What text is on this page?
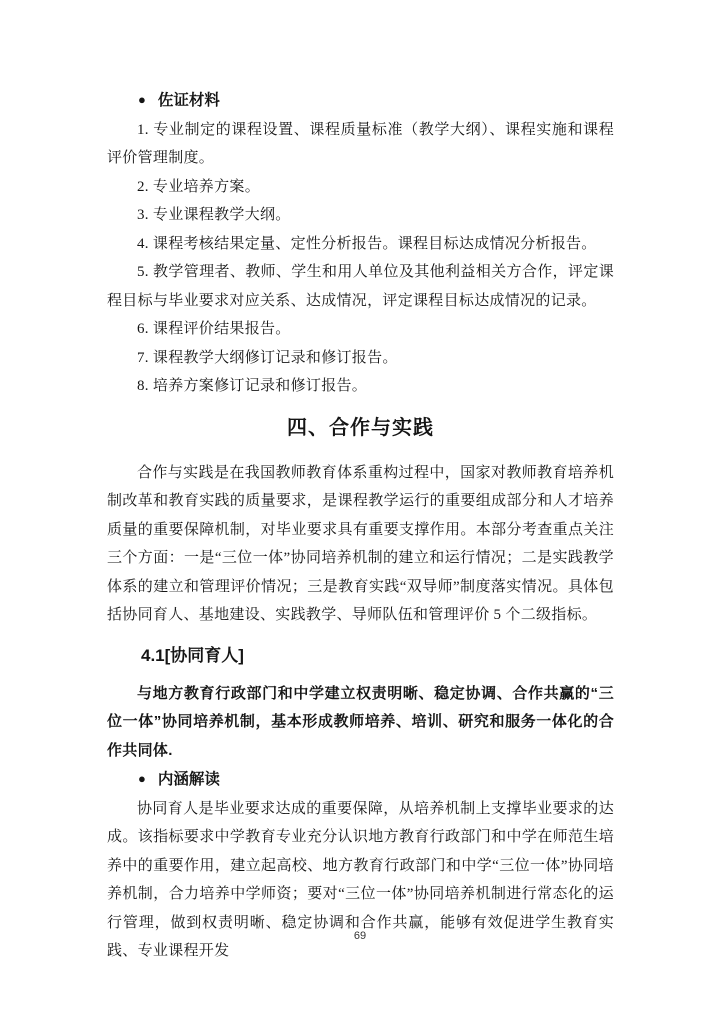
● 佐证材料

1. 专业制定的课程设置、课程质量标准（教学大纲）、课程实施和课程评价管理制度。

2. 专业培养方案。

3. 专业课程教学大纲。

4. 课程考核结果定量、定性分析报告。课程目标达成情况分析报告。

5. 教学管理者、教师、学生和用人单位及其他利益相关方合作，评定课程目标与毕业要求对应关系、达成情况，评定课程目标达成情况的记录。

6. 课程评价结果报告。

7. 课程教学大纲修订记录和修订报告。

8. 培养方案修订记录和修订报告。

四、合作与实践

合作与实践是在我国教师教育体系重构过程中，国家对教师教育培养机制改革和教育实践的质量要求，是课程教学运行的重要组成部分和人才培养质量的重要保障机制，对毕业要求具有重要支撑作用。本部分考查重点关注三个方面：一是“三位一体”协同培养机制的建立和运行情况；二是实践教学体系的建立和管理评价情况；三是教育实践“双导师”制度落实情况。具体包括协同育人、基地建设、实践教学、导师队伍和管理评价 5 个二级指标。

4.1[协同育人]

与地方教育行政部门和中学建立权责明晰、稳定协调、合作共赢的“三位一体”协同培养机制，基本形成教师培养、培训、研究和服务一体化的合作共同体.

● 内涵解读

协同育人是毕业要求达成的重要保障，从培养机制上支撑毕业要求的达成。该指标要求中学教育专业充分认识地方教育行政部门和中学在师范生培养中的重要作用，建立起高校、地方教育行政部门和中学“三位一体”协同培养机制，合力培养中学师资；要对“三位一体”协同培养机制进行常态化的运行管理，做到权责明晰、稳定协调和合作共赢，能够有效促进学生教育实践、专业课程开发

69
